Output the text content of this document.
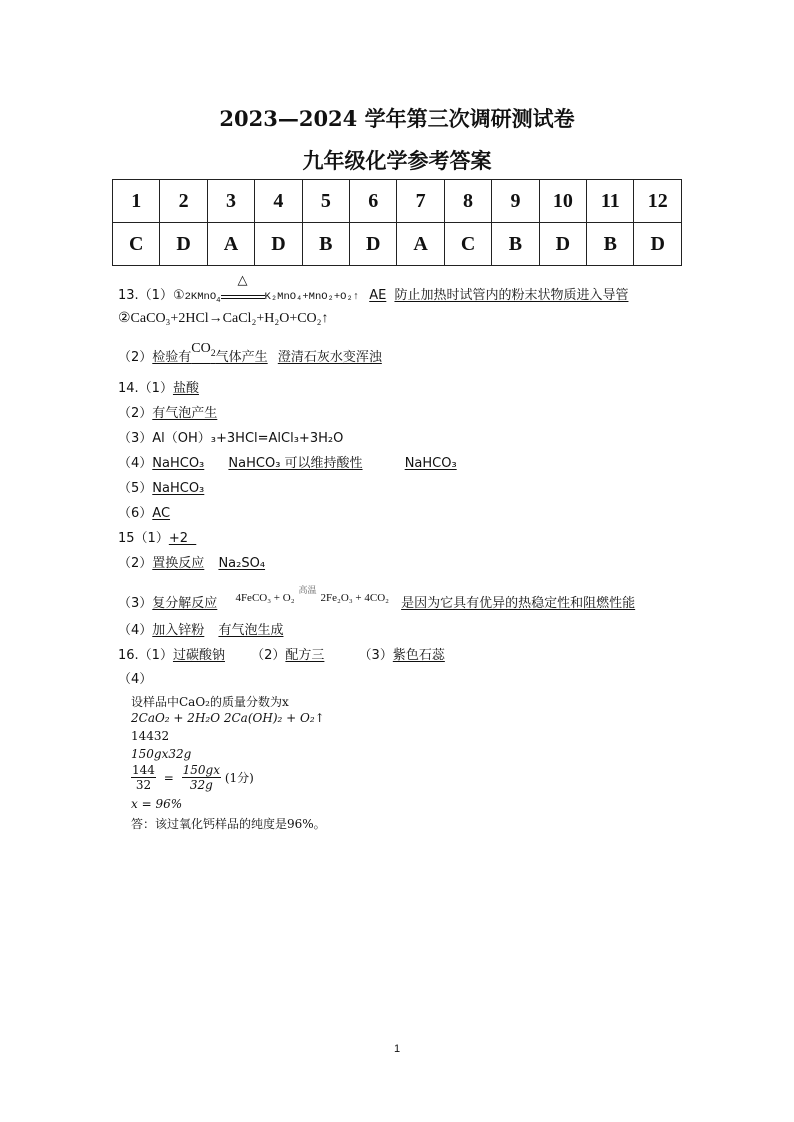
2023—2024 学年第三次调研测试卷
九年级化学参考答案
1	2	3	4	5	6	7	8	9	10	11	12
C	D	A	D	B	D	A	C	B	D	B	D
13.（1）①2KMnO$_4$
△
K₂MnO₄+MnO₂+O₂↑ AE 防止加热时试管内的粉末状物质进入导管
②CaCO₃+2HCl→CaCl₂+H₂O+CO₂↑
（2）检验有$CO_2$气体产生 澄清石灰水变浑浊
14.（1）盐酸
（2）有气泡产生
（3）Al（OH）₃+3HCl=AlCl₃+3H₂O
（4）NaHCO₃ NaHCO₃ 可以维持酸性	NaHCO₃
（5）NaHCO₃
（6）AC
15（1）+2
（2）置换反应 Na₂SO₄
（3）复分解反应 $^{4FeCO_3 + O_2 高温 2Fe_2O_3 + 4CO_2}$ 是因为它具有优异的热稳定性和阻燃性能
（4）加入锌粉 有气泡生成
16.（1）过碳酸钠 （2）配方三	（3）紫色石蕊
（4）
设样品中CaO₂的质量分数为x
2CaO₂ + 2H₂O 2Ca(OH)₂ + O₂↑
14432
150gx32g
$\frac{144}{32} = \frac{150gx}{32g} (1$分)
x = 96%
答：该过氧化钙样品的纯度是96%。
1
